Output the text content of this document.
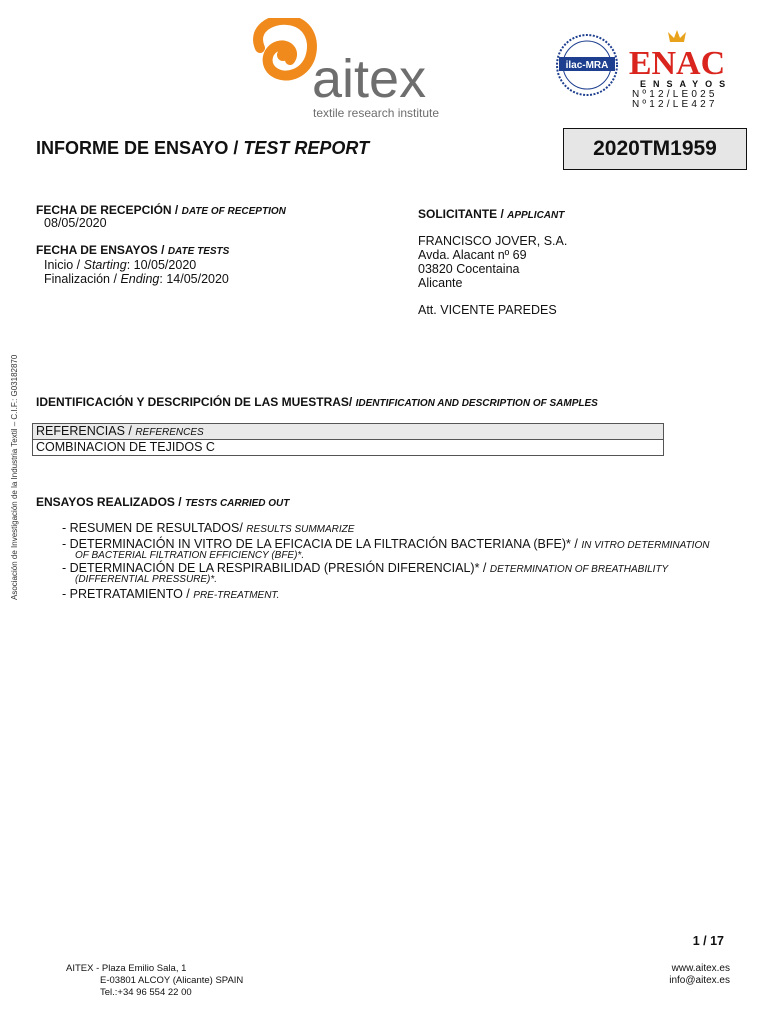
aitex
textile research institute
ilac-MRA ENAC
ENSAYOS
Nº12/LE025
Nº12/LE427
INFORME DE ENSAYO / TEST REPORT	2020TM1959
FECHA DE RECEPCIÓN / DATE OF RECEPTION
08/05/2020
FECHA DE ENSAYOS / DATE TESTS
Inicio / Starting: 10/05/2020
Finalización / Ending: 14/05/2020
SOLICITANTE / APPLICANT
FRANCISCO JOVER, S.A.
Avda. Alacant nº 69
03820 Cocentaina
Alicante
Att. VICENTE PAREDES
Asociación de Investigación de la Industria Textil – C.I.F.: G03182870 IDENTIFICACIÓN Y DESCRIPCIÓN DE LAS MUESTRAS/ IDENTIFICATION AND DESCRIPTION OF SAMPLES
REFERENCIAS / REFERENCES
COMBINACION DE TEJIDOS C
ENSAYOS REALIZADOS / TESTS CARRIED OUT
- RESUMEN DE RESULTADOS/ RESULTS SUMMARIZE
- DETERMINACIÓN IN VITRO DE LA EFICACIA DE LA FILTRACIÓN BACTERIANA (BFE)* / IN VITRO DETERMINATION
OF BACTERIAL FILTRATION EFFICIENCY (BFE)*.
- DETERMINACIÓN DE LA RESPIRABILIDAD (PRESIÓN DIFERENCIAL)* / DETERMINATION OF BREATHABILITY
(DIFFERENTIAL PRESSURE)*.
- PRETRATAMIENTO / PRE-TREATMENT.
1 / 17
AITEX - Plaza Emilio Sala, 1
E-03801 ALCOY (Alicante) SPAIN
Tel.:+34 96 554 22 00
www.aitex.es
info@aitex.es
